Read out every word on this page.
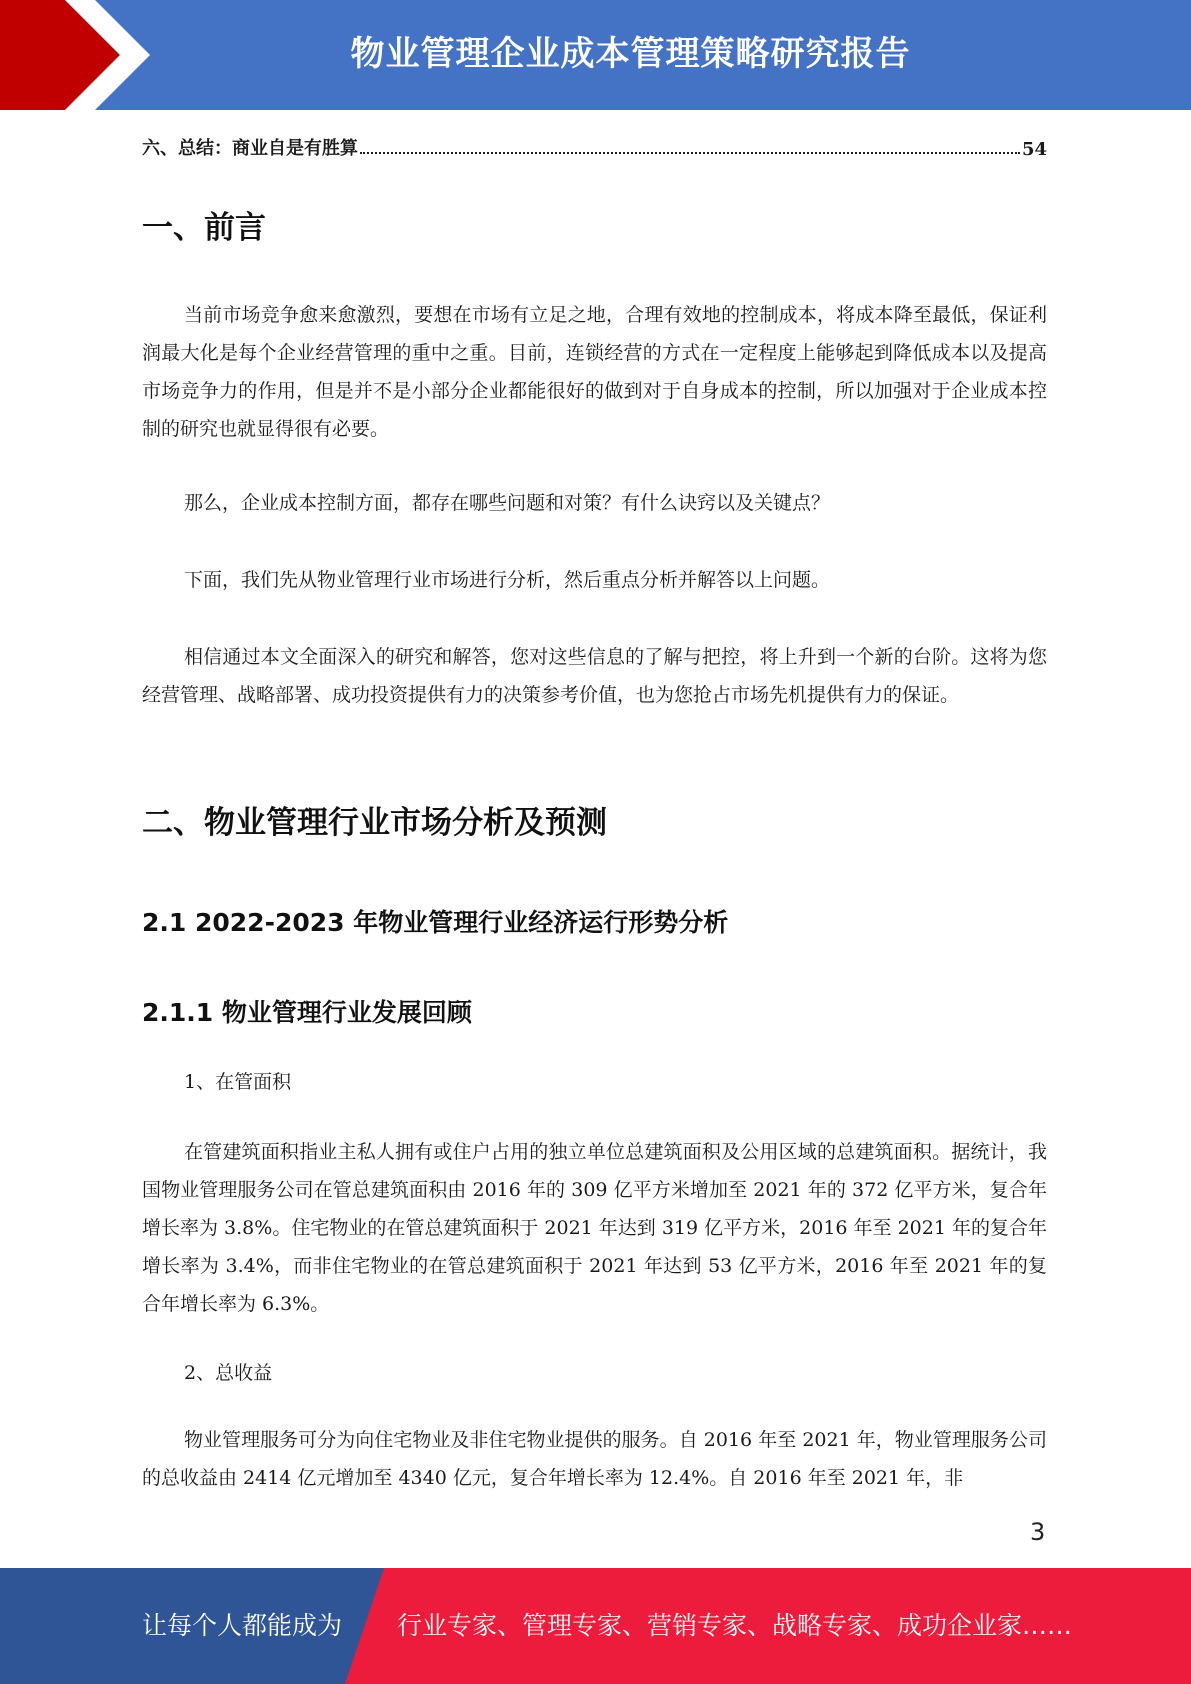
物业管理企业成本管理策略研究报告
六、总结：商业自是有胜算	54
一、前言

当前市场竞争愈来愈激烈，要想在市场有立足之地，合理有效地的控制成本，将成本降至最低，保证利润最大化是每个企业经营管理的重中之重。目前，连锁经营的方式在一定程度上能够起到降低成本以及提高市场竞争力的作用，但是并不是小部分企业都能很好的做到对于自身成本的控制，所以加强对于企业成本控制的研究也就显得很有必要。

那么，企业成本控制方面，都存在哪些问题和对策？有什么诀窍以及关键点？

下面，我们先从物业管理行业市场进行分析，然后重点分析并解答以上问题。

相信通过本文全面深入的研究和解答，您对这些信息的了解与把控，将上升到一个新的台阶。这将为您经营管理、战略部署、成功投资提供有力的决策参考价值，也为您抢占市场先机提供有力的保证。

二、物业管理行业市场分析及预测
2.1 2022-2023 年物业管理行业经济运行形势分析
2.1.1 物业管理行业发展回顾
1、在管面积

在管建筑面积指业主私人拥有或住户占用的独立单位总建筑面积及公用区域的总建筑面积。据统计，我国物业管理服务公司在管总建筑面积由 2016 年的 309 亿平方米增加至 2021 年的 372 亿平方米，复合年增长率为 3.8%。住宅物业的在管总建筑面积于 2021 年达到 319 亿平方米，2016 年至 2021 年的复合年增长率为 3.4%，而非住宅物业的在管总建筑面积于 2021 年达到 53 亿平方米，2016 年至 2021 年的复合年增长率为 6.3%。

2、总收益

物业管理服务可分为向住宅物业及非住宅物业提供的服务。自 2016 年至 2021 年，物业管理服务公司的总收益由 2414 亿元增加至 4340 亿元，复合年增长率为 12.4%。自 2016 年至 2021 年，非

3
让每个人都能成为 行业专家、管理专家、营销专家、战略专家、成功企业家……
